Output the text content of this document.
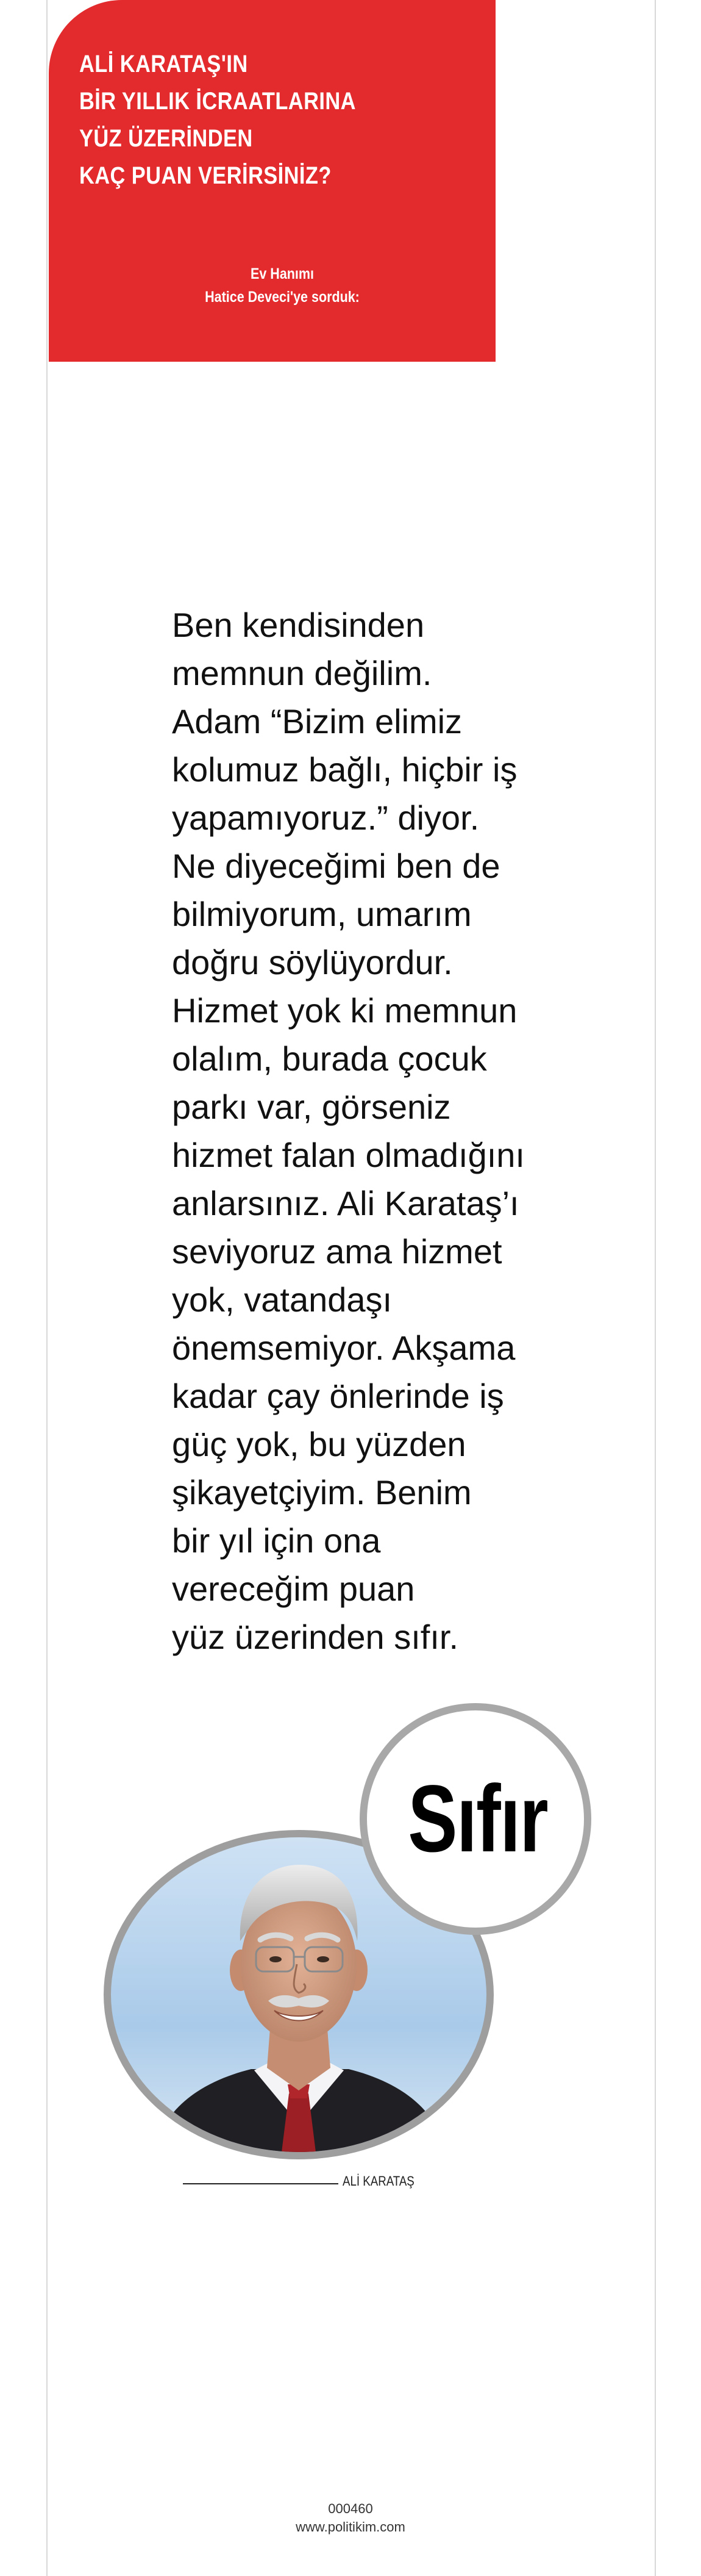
ALİ KARATAŞ'IN
BİR YILLIK İCRAATLARINA
YÜZ ÜZERİNDEN
KAÇ PUAN VERİRSİNİZ?
Ev Hanımı
Hatice Deveci'ye sorduk:

Ben kendisinden
memnun değilim.
Adam “Bizim elimiz
kolumuz bağlı, hiçbir iş
yapamıyoruz.” diyor.
Ne diyeceğimi ben de
bilmiyorum, umarım
doğru söylüyordur.
Hizmet yok ki memnun
olalım, burada çocuk
parkı var, görseniz
hizmet falan olmadığını
anlarsınız. Ali Karataş’ı
seviyoruz ama hizmet
yok, vatandaşı
önemsemiyor. Akşama
kadar çay önlerinde iş
güç yok, bu yüzden
şikayetçiyim. Benim
bir yıl için ona
vereceğim puan
yüz üzerinden sıfır.

Sıfır
ALİ KARATAŞ
000460
www.politikim.com
